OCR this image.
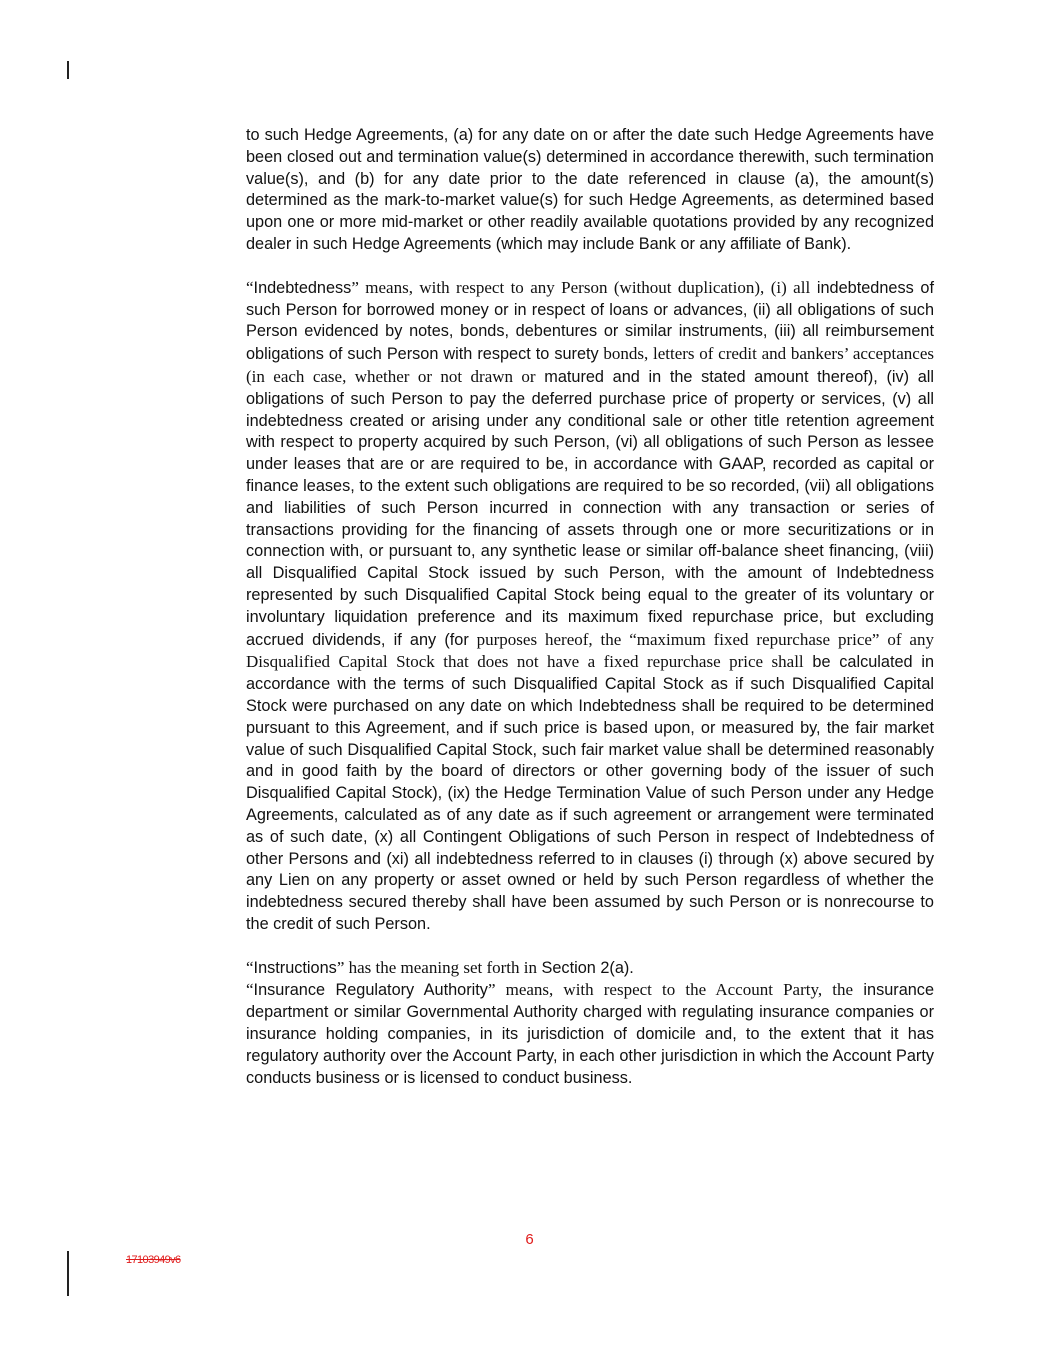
to such Hedge Agreements, (a) for any date on or after the date such Hedge Agreements have been closed out and termination value(s) determined in accordance therewith, such termination value(s), and (b) for any date prior to the date referenced in clause (a), the amount(s) determined as the mark-to-market value(s) for such Hedge Agreements, as determined based upon one or more mid-market or other readily available quotations provided by any recognized dealer in such Hedge Agreements (which may include Bank or any affiliate of Bank).

“Indebtedness” means, with respect to any Person (without duplication), (i) all indebtedness of such Person for borrowed money or in respect of loans or advances, (ii) all obligations of such Person evidenced by notes, bonds, debentures or similar instruments, (iii) all reimbursement obligations of such Person with respect to surety bonds, letters of credit and bankers’ acceptances (in each case, whether or not drawn or matured and in the stated amount thereof), (iv) all obligations of such Person to pay the deferred purchase price of property or services, (v) all indebtedness created or arising under any conditional sale or other title retention agreement with respect to property acquired by such Person, (vi) all obligations of such Person as lessee under leases that are or are required to be, in accordance with GAAP, recorded as capital or finance leases, to the extent such obligations are required to be so recorded, (vii) all obligations and liabilities of such Person incurred in connection with any transaction or series of transactions providing for the financing of assets through one or more securitizations or in connection with, or pursuant to, any synthetic lease or similar off-balance sheet financing, (viii) all Disqualified Capital Stock issued by such Person, with the amount of Indebtedness represented by such Disqualified Capital Stock being equal to the greater of its voluntary or involuntary liquidation preference and its maximum fixed repurchase price, but excluding accrued dividends, if any (for purposes hereof, the “maximum fixed repurchase price” of any Disqualified Capital Stock that does not have a fixed repurchase price shall be calculated in accordance with the terms of such Disqualified Capital Stock as if such Disqualified Capital Stock were purchased on any date on which Indebtedness shall be required to be determined pursuant to this Agreement, and if such price is based upon, or measured by, the fair market value of such Disqualified Capital Stock, such fair market value shall be determined reasonably and in good faith by the board of directors or other governing body of the issuer of such Disqualified Capital Stock), (ix) the Hedge Termination Value of such Person under any Hedge Agreements, calculated as of any date as if such agreement or arrangement were terminated as of such date, (x) all Contingent Obligations of such Person in respect of Indebtedness of other Persons and (xi) all indebtedness referred to in clauses (i) through (x) above secured by any Lien on any property or asset owned or held by such Person regardless of whether the indebtedness secured thereby shall have been assumed by such Person or is nonrecourse to the credit of such Person.

“Instructions” has the meaning set forth in Section 2(a).

“Insurance Regulatory Authority” means, with respect to the Account Party, the insurance department or similar Governmental Authority charged with regulating insurance companies or insurance holding companies, in its jurisdiction of domicile and, to the extent that it has regulatory authority over the Account Party, in each other jurisdiction in which the Account Party conducts business or is licensed to conduct business.

6
17103949v6
